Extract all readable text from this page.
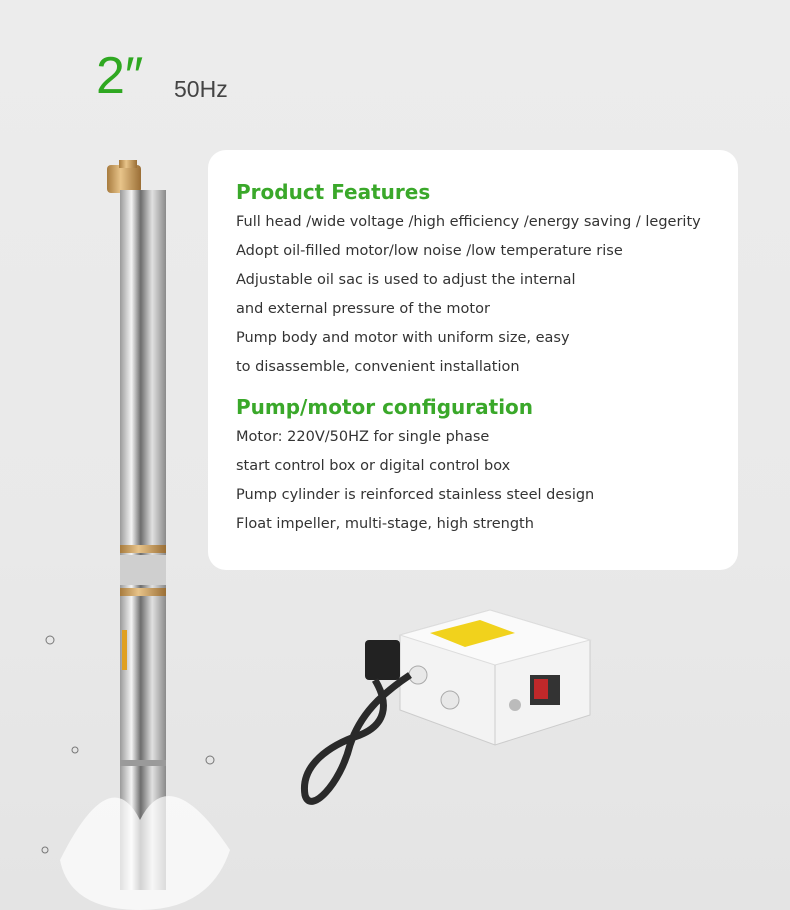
2″ 50Hz
Product Features
Full head /wide voltage /high efficiency /energy saving / legerity
Adopt oil-filled motor/low noise /low temperature rise
Adjustable oil sac is used to adjust the internal
and external pressure of the motor
Pump body and motor with uniform size, easy
to disassemble, convenient installation
Pump/motor configuration
Motor: 220V/50HZ for single phase
start control box or digital control box
Pump cylinder is reinforced stainless steel design
Float impeller, multi-stage, high strength
